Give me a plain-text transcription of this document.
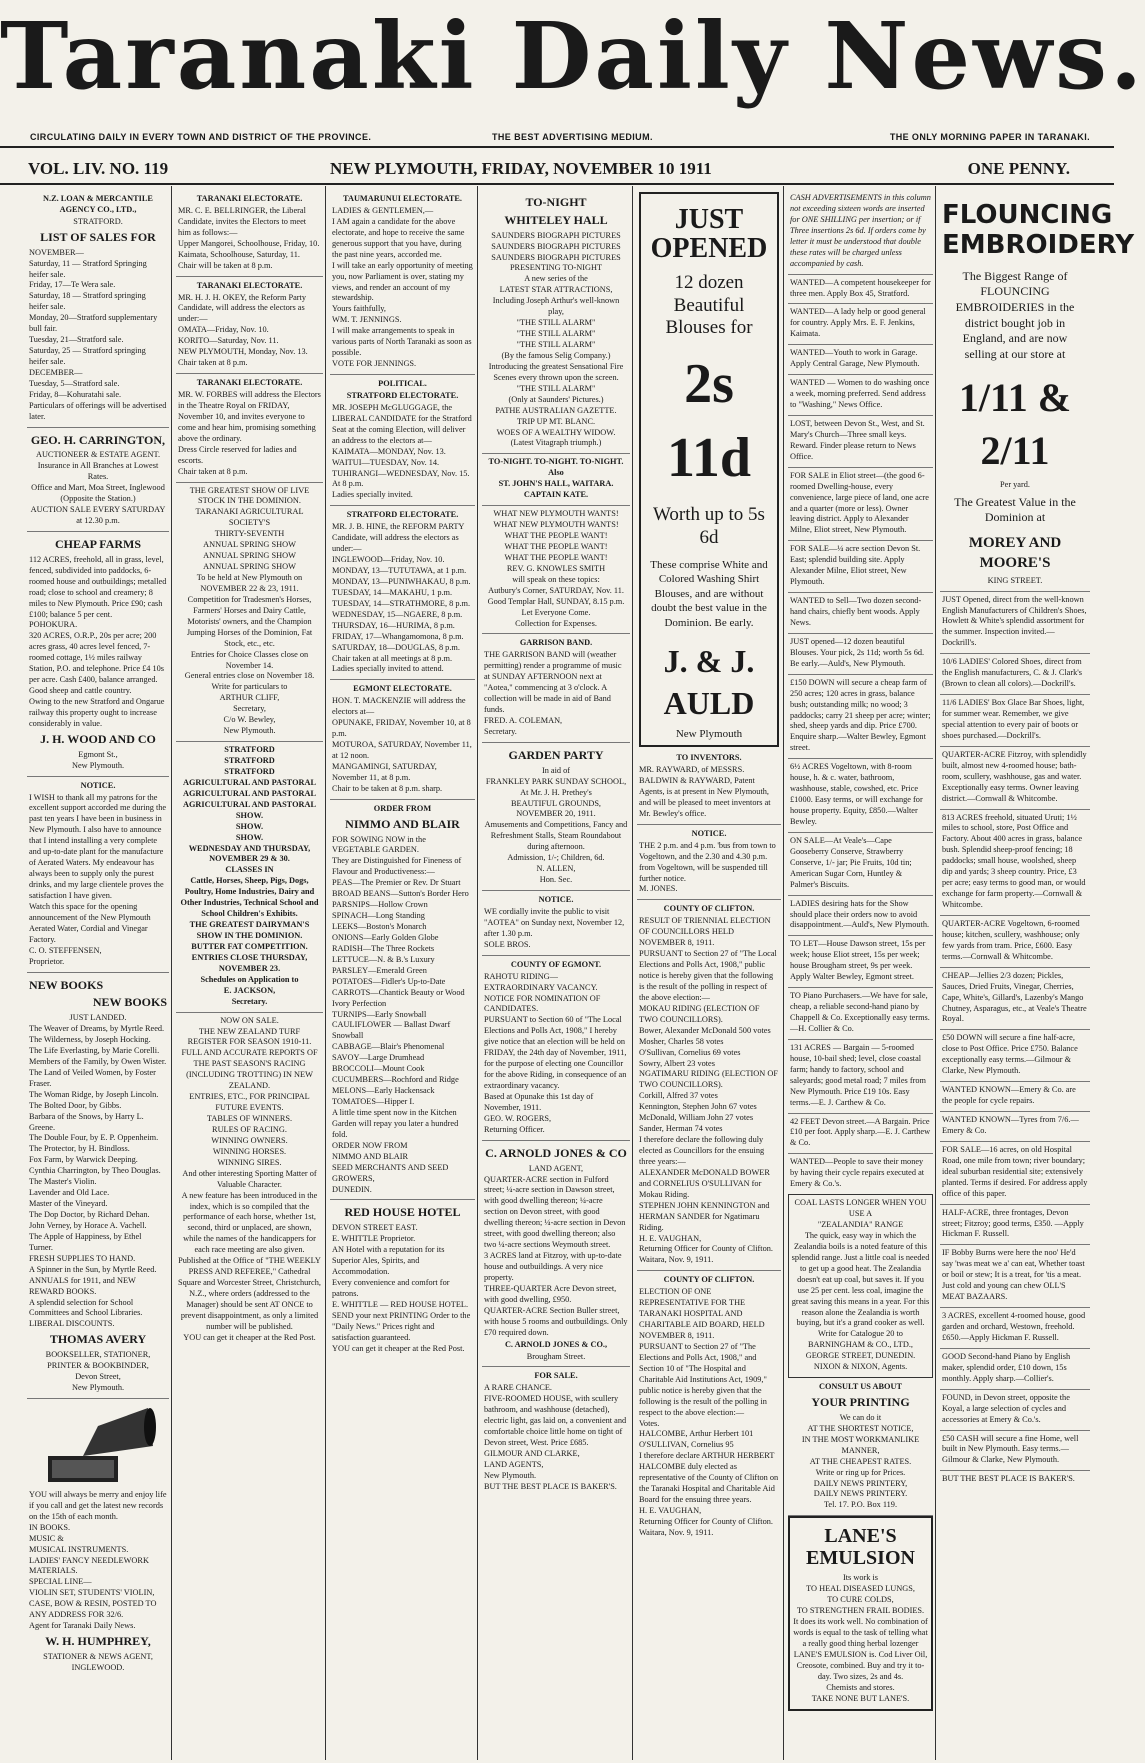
Taranaki Daily News.
CIRCULATING DAILY IN EVERY TOWN AND DISTRICT OF THE PROVINCE.	THE BEST ADVERTISING MEDIUM.	THE ONLY MORNING PAPER IN TARANAKI.
VOL. LIV. NO. 119	NEW PLYMOUTH, FRIDAY, NOVEMBER 10 1911	ONE PENNY.
N.Z. LOAN & MERCANTILE AGENCY CO., LTD.,
STRATFORD.
LIST OF SALES FOR
NOVEMBER—
Saturday, 11 — Stratford Springing heifer sale.
Friday, 17—Te Wera sale.
Saturday, 18 — Stratford springing heifer sale.
Monday, 20—Stratford supplementary bull fair.
Tuesday, 21—Stratford sale.
Saturday, 25 — Stratford springing heifer sale.
DECEMBER—
Tuesday, 5—Stratford sale.
Friday, 8—Kohuratahi sale.
Particulars of offerings will be advertised later.
GEO. H. CARRINGTON,
AUCTIONEER & ESTATE AGENT.
Insurance in All Branches at Lowest Rates.
Office and Mart, Moa Street, Inglewood
(Opposite the Station.)
AUCTION SALE EVERY SATURDAY at 12.30 p.m.
CHEAP FARMS
112 ACRES, freehold, all in grass, level, fenced, subdivided into paddocks, 6-roomed house and outbuildings; metalled road; close to school and creamery; 8 miles to New Plymouth. Price £90; cash £100; balance 5 per cent.
POHOKURA.
320 ACRES, O.R.P., 20s per acre; 200 acres grass, 40 acres level fenced, 7-roomed cottage, 1½ miles railway Station, P.O. and telephone. Price £4 10s per acre. Cash £400, balance arranged. Good sheep and cattle country.
Owing to the new Stratford and Ongarue railway this property ought to increase considerably in value.
J. H. WOOD AND CO
Egmont St.,
New Plymouth.
NOTICE.
I WISH to thank all my patrons for the excellent support accorded me during the past ten years I have been in business in New Plymouth. I also have to announce that I intend installing a very complete and up-to-date plant for the manufacture of Aerated Waters. My endeavour has always been to supply only the purest drinks, and my large clientele proves the satisfaction I have given.
Watch this space for the opening announcement of the New Plymouth Aerated Water, Cordial and Vinegar Factory.
C. O. STEFFENSEN,
Proprietor.
NEW BOOKS
NEW BOOKS
JUST LANDED.
The Weaver of Dreams, by Myrtle Reed.
The Wilderness, by Joseph Hocking.
The Life Everlasting, by Marie Corelli.
Members of the Family, by Owen Wister.
The Land of Veiled Women, by Foster Fraser.
The Woman Ridge, by Joseph Lincoln.
The Bolted Door, by Gibbs.
Barbara of the Snows, by Harry L. Greene.
The Double Four, by E. P. Oppenheim.
The Protector, by H. Bindloss.
Fox Farm, by Warwick Deeping.
Cynthia Charrington, by Theo Douglas.
The Master's Violin.
Lavender and Old Lace.
Master of the Vineyard.
The Dop Doctor, by Richard Dehan.
John Verney, by Horace A. Vachell.
The Apple of Happiness, by Ethel Turner.
FRESH SUPPLIES TO HAND.
A Spinner in the Sun, by Myrtle Reed.
ANNUALS for 1911, and NEW REWARD BOOKS.
A splendid selection for School Committees and School Libraries.
LIBERAL DISCOUNTS.
THOMAS AVERY
BOOKSELLER, STATIONER, PRINTER & BOOKBINDER,
Devon Street,
New Plymouth.
YOU will always be merry and enjoy life if you call and get the latest new records on the 15th of each month.
IN BOOKS.
MUSIC &
MUSICAL INSTRUMENTS.
LADIES' FANCY NEEDLEWORK MATERIALS.
SPECIAL LINE—
VIOLIN SET, STUDENTS' VIOLIN, CASE, BOW & RESIN, POSTED TO ANY ADDRESS FOR 32/6.
Agent for Taranaki Daily News.
W. H. HUMPHREY,
STATIONER & NEWS AGENT, INGLEWOOD.
TARANAKI ELECTORATE.
MR. C. E. BELLRINGER, the Liberal Candidate, invites the Electors to meet him as follows:—
Upper Mangorei, Schoolhouse, Friday, 10.
Kaimata, Schoolhouse, Saturday, 11.
Chair will be taken at 8 p.m.
TARANAKI ELECTORATE.
MR. H. J. H. OKEY, the Reform Party Candidate, will address the electors as under:—
OMATA—Friday, Nov. 10.
KORITO—Saturday, Nov. 11.
NEW PLYMOUTH, Monday, Nov. 13.
Chair taken at 8 p.m.
TARANAKI ELECTORATE.
MR. W. FORBES will address the Electors in the Theatre Royal on FRIDAY, November 10, and invites everyone to come and hear him, promising something above the ordinary.
Dress Circle reserved for ladies and escorts.
Chair taken at 8 p.m.
THE GREATEST SHOW OF LIVE STOCK IN THE DOMINION.
TARANAKI AGRICULTURAL SOCIETY'S
THIRTY-SEVENTH
ANNUAL SPRING SHOW
ANNUAL SPRING SHOW
ANNUAL SPRING SHOW
To be held at New Plymouth on
NOVEMBER 22 & 23, 1911.
Competition for Tradesmen's Horses, Farmers' Horses and Dairy Cattle, Motorists' owners, and the Champion Jumping Horses of the Dominion, Fat Stock, etc., etc.
Entries for Choice Classes close on November 14.
General entries close on November 18.
Write for particulars to
ARTHUR CLIFF,
Secretary,
C/o W. Bewley,
New Plymouth.
STRATFORD
STRATFORD
STRATFORD
AGRICULTURAL AND PASTORAL
AGRICULTURAL AND PASTORAL
AGRICULTURAL AND PASTORAL
SHOW.
SHOW.
SHOW.
WEDNESDAY AND THURSDAY, NOVEMBER 29 & 30.
CLASSES IN
Cattle, Horses, Sheep, Pigs, Dogs, Poultry, Home Industries, Dairy and Other Industries, Technical School and School Children's Exhibits.
THE GREATEST DAIRYMAN'S SHOW IN THE DOMINION.
BUTTER FAT COMPETITION.
ENTRIES CLOSE THURSDAY, NOVEMBER 23.
Schedules on Application to
E. JACKSON,
Secretary.
NOW ON SALE.
THE NEW ZEALAND TURF REGISTER FOR SEASON 1910-11.
FULL AND ACCURATE REPORTS OF THE PAST SEASON'S RACING (INCLUDING TROTTING) IN NEW ZEALAND.
ENTRIES, ETC., FOR PRINCIPAL FUTURE EVENTS.
TABLES OF WINNERS.
RULES OF RACING.
WINNING OWNERS.
WINNING HORSES.
WINNING SIRES.
And other interesting Sporting Matter of Valuable Character.
A new feature has been introduced in the index, which is so compiled that the performance of each horse, whether 1st, second, third or unplaced, are shown, while the names of the handicappers for each race meeting are also given.
Published at the Office of "THE WEEKLY PRESS AND REFEREE," Cathedral Square and Worcester Street, Christchurch, N.Z., where orders (addressed to the Manager) should be sent AT ONCE to prevent disappointment, as only a limited number will be published.
YOU can get it cheaper at the Red Post.
TAUMARUNUI ELECTORATE.
LADIES & GENTLEMEN,—
I AM again a candidate for the above electorate, and hope to receive the same generous support that you have, during the past nine years, accorded me.
I will take an early opportunity of meeting you, now Parliament is over, stating my views, and render an account of my stewardship.
Yours faithfully,
WM. T. JENNINGS.
I will make arrangements to speak in various parts of North Taranaki as soon as possible.
VOTE FOR JENNINGS.
POLITICAL.
STRATFORD ELECTORATE.
MR. JOSEPH McGLUGGAGE, the LIBERAL CANDIDATE for the Stratford Seat at the coming Election, will deliver an address to the electors at—
KAIMATA—MONDAY, Nov. 13.
WAITUI—TUESDAY, Nov. 14.
TUHIRANGI—WEDNESDAY, Nov. 15.
At 8 p.m.
Ladies specially invited.
STRATFORD ELECTORATE.
MR. J. B. HINE, the REFORM PARTY Candidate, will address the electors as under:—
INGLEWOOD—Friday, Nov. 10.
MONDAY, 13—TUTUTAWA, at 1 p.m.
MONDAY, 13—PUNIWHAKAU, 8 p.m.
TUESDAY, 14—MAKAHU, 1 p.m.
TUESDAY, 14—STRATHMORE, 8 p.m.
WEDNESDAY, 15—NGAERE, 8 p.m.
THURSDAY, 16—HURIMA, 8 p.m.
FRIDAY, 17—Whangamomona, 8 p.m.
SATURDAY, 18—DOUGLAS, 8 p.m.
Chair taken at all meetings at 8 p.m.
Ladies specially invited to attend.
EGMONT ELECTORATE.
HON. T. MACKENZIE will address the electors at—
OPUNAKE, FRIDAY, November 10, at 8 p.m.
MOTUROA, SATURDAY, November 11, at 12 noon.
MANGAMINGI, SATURDAY, November 11, at 8 p.m.
Chair to be taken at 8 p.m. sharp.
ORDER FROM
NIMMO AND BLAIR
FOR SOWING NOW in the VEGETABLE GARDEN.
They are Distinguished for Fineness of Flavour and Productiveness:—
PEAS—The Premier or Rev. Dr Stuart
BROAD BEANS—Sutton's Border Hero
PARSNIPS—Hollow Crown
SPINACH—Long Standing
LEEKS—Boston's Monarch
ONIONS—Early Golden Globe
RADISH—The Three Rockets
LETTUCE—N. & B.'s Luxury
PARSLEY—Emerald Green
POTATOES—Fidler's Up-to-Date
CARROTS—Chantick Beauty or Wood Ivory Perfection
TURNIPS—Early Snowball
CAULIFLOWER — Ballast Dwarf Snowball
CABBAGE—Blair's Phenomenal
SAVOY—Large Drumhead
BROCCOLI—Mount Cook
CUCUMBERS—Rochford and Ridge
MELONS—Early Hackensack
TOMATOES—Hipper I.
A little time spent now in the Kitchen Garden will repay you later a hundred fold.
ORDER NOW FROM
NIMMO AND BLAIR
SEED MERCHANTS AND SEED GROWERS,
DUNEDIN.
RED HOUSE HOTEL
DEVON STREET EAST.
E. WHITTLE Proprietor.
AN Hotel with a reputation for its Superior Ales, Spirits, and Accommodation.
Every convenience and comfort for patrons.
E. WHITTLE — RED HOUSE HOTEL.
SEND your next PRINTING Order to the "Daily News." Prices right and satisfaction guaranteed.
YOU can get it cheaper at the Red Post.
TO-NIGHT
WHITELEY HALL
SAUNDERS BIOGRAPH PICTURES
SAUNDERS BIOGRAPH PICTURES
SAUNDERS BIOGRAPH PICTURES
PRESENTING TO-NIGHT
A new series of the
LATEST STAR ATTRACTIONS,
Including Joseph Arthur's well-known play,
"THE STILL ALARM"
"THE STILL ALARM"
"THE STILL ALARM"
(By the famous Selig Company.)
Introducing the greatest Sensational Fire Scenes every thrown upon the screen.
"THE STILL ALARM"
(Only at Saunders' Pictures.)
PATHE AUSTRALIAN GAZETTE.
TRIP UP MT. BLANC.
WOES OF A WEALTHY WIDOW.
(Latest Vitagraph triumph.)
TO-NIGHT. TO-NIGHT. TO-NIGHT.
Also
ST. JOHN'S HALL, WAITARA.
CAPTAIN KATE.
WHAT NEW PLYMOUTH WANTS!
WHAT NEW PLYMOUTH WANTS!
WHAT THE PEOPLE WANT!
WHAT THE PEOPLE WANT!
WHAT THE PEOPLE WANT!
REV. G. KNOWLES SMITH
will speak on these topics:
Autbury's Corner, SATURDAY, Nov. 11.
Good Templar Hall, SUNDAY, 8.15 p.m.
Let Everyone Come.
Collection for Expenses.
GARRISON BAND.
THE GARRISON BAND will (weather permitting) render a programme of music at SUNDAY AFTERNOON next at "Aotea," commencing at 3 o'clock. A collection will be made in aid of Band funds.
FRED. A. COLEMAN,
Secretary.
GARDEN PARTY
In aid of
FRANKLEY PARK SUNDAY SCHOOL,
At Mr. J. H. Prethey's
BEAUTIFUL GROUNDS,
NOVEMBER 20, 1911.
Amusements and Competitions, Fancy and Refreshment Stalls, Steam Roundabout during afternoon.
Admission, 1/-; Children, 6d.
N. ALLEN,
Hon. Sec.
NOTICE.
WE cordially invite the public to visit "AOTEA" on Sunday next, November 12, after 1.30 p.m.
SOLE BROS.
COUNTY OF EGMONT.
RAHOTU RIDING—EXTRAORDINARY VACANCY.
NOTICE FOR NOMINATION OF CANDIDATES.
PURSUANT to Section 60 of "The Local Elections and Polls Act, 1908," I hereby give notice that an election will be held on FRIDAY, the 24th day of November, 1911, for the purpose of electing one Councillor for the above Riding, in consequence of an extraordinary vacancy.
Based at Opunake this 1st day of November, 1911.
GEO. W. ROGERS,
Returning Officer.
C. ARNOLD JONES & CO
LAND AGENT,
QUARTER-ACRE section in Fulford street; ¼-acre section in Dawson street, with good dwelling thereon; ¼-acre section on Devon street, with good dwelling thereon; ¼-acre section in Devon street, with good dwelling thereon; also two ¼-acre sections Weymouth street.
3 ACRES land at Fitzroy, with up-to-date house and outbuildings. A very nice property.
THREE-QUARTER Acre Devon street, with good dwelling, £950.
QUARTER-ACRE Section Buller street, with house 5 rooms and outbuildings. Only £70 required down.
C. ARNOLD JONES & CO.,
Brougham Street.
FOR SALE.
A RARE CHANCE.
FIVE-ROOMED HOUSE, with scullery bathroom, and washhouse (detached), electric light, gas laid on, a convenient and comfortable choice little home on tight of Devon street, West. Price £685.
GILMOUR AND CLARKE,
LAND AGENTS,
New Plymouth.
BUT THE BEST PLACE IS BAKER'S.
JUST OPENED
12 dozen Beautiful Blouses for
2s 11d
Worth up to 5s 6d
These comprise White and Colored Washing Shirt Blouses, and are without doubt the best value in the Dominion. Be early.
J. & J. AULD
New Plymouth
TO INVENTORS.
MR. RAYWARD, of MESSRS. BALDWIN & RAYWARD, Patent Agents, is at present in New Plymouth, and will be pleased to meet inventors at Mr. Bewley's office.
NOTICE.
THE 2 p.m. and 4 p.m. 'bus from town to Vogeltown, and the 2.30 and 4.30 p.m. from Vogeltown, will be suspended till further notice.
M. JONES.
COUNTY OF CLIFTON.
RESULT OF TRIENNIAL ELECTION OF COUNCILLORS HELD NOVEMBER 8, 1911.
PURSUANT to Section 27 of "The Local Elections and Polls Act, 1908," public notice is hereby given that the following is the result of the polling in respect of the above election:—
MOKAU RIDING (ELECTION OF TWO COUNCILLORS).
Bower, Alexander McDonald 500 votes
Mosher, Charles 58 votes
O'Sullivan, Cornelius 69 votes
Sowry, Albert 23 votes
NGATIMARU RIDING (ELECTION OF TWO COUNCILLORS).
Corkill, Alfred 37 votes
Kennington, Stephen John 67 votes
McDonald, William John 27 votes
Sander, Herman 74 votes
I therefore declare the following duly elected as Councillors for the ensuing three years:—
ALEXANDER McDONALD BOWER and CORNELIUS O'SULLIVAN for Mokau Riding.
STEPHEN JOHN KENNINGTON and HERMAN SANDER for Ngatimaru Riding.
H. E. VAUGHAN,
Returning Officer for County of Clifton.
Waitara, Nov. 9, 1911.
COUNTY OF CLIFTON.
ELECTION OF ONE REPRESENTATIVE FOR THE TARANAKI HOSPITAL AND CHARITABLE AID BOARD, HELD NOVEMBER 8, 1911.
PURSUANT to Section 27 of "The Elections and Polls Act, 1908," and Section 10 of "The Hospital and Charitable Aid Institutions Act, 1909," public notice is hereby given that the following is the result of the polling in respect to the above election:—
Votes.
HALCOMBE, Arthur Herbert 101
O'SULLIVAN, Cornelius 95
I therefore declare ARTHUR HERBERT HALCOMBE duly elected as representative of the County of Clifton on the Taranaki Hospital and Charitable Aid Board for the ensuing three years.
H. E. VAUGHAN,
Returning Officer for County of Clifton.
Waitara, Nov. 9, 1911.
CASH ADVERTISEMENTS in this column not exceeding sixteen words are inserted for ONE SHILLING per insertion; or if Three insertions 2s 6d. If orders come by letter it must be understood that double these rates will be charged unless accompanied by cash.
WANTED—A competent housekeeper for three men. Apply Box 45, Stratford.
WANTED—A lady help or good general for country. Apply Mrs. E. F. Jenkins, Kaimata.
WANTED—Youth to work in Garage. Apply Central Garage, New Plymouth.
WANTED — Women to do washing once a week, morning preferred. Send address to "Washing," News Office.
LOST, between Devon St., West, and St. Mary's Church—Three small keys. Reward. Finder please return to News Office.
FOR SALE in Eliot street—(the good 6-roomed Dwelling-house, every convenience, large piece of land, one acre and a quarter (more or less). Owner leaving district. Apply to Alexander Milne, Eliot street, New Plymouth.
FOR SALE—¼ acre section Devon St. East; splendid building site. Apply Alexander Milne, Eliot street, New Plymouth.
WANTED to Sell—Two dozen second-hand chairs, chiefly bent woods. Apply News.
JUST opened—12 dozen beautiful Blouses. Your pick, 2s 11d; worth 5s 6d. Be early.—Auld's, New Plymouth.
£150 DOWN will secure a cheap farm of 250 acres; 120 acres in grass, balance bush; outstanding milk; no wood; 3 paddocks; carry 21 sheep per acre; winter; shed, sheep yards and dip. Price £700. Enquire sharp.—Walter Bewley, Egmont street.
6½ ACRES Vogeltown, with 8-room house, h. & c. water, bathroom, washhouse, stable, cowshed, etc. Price £1000. Easy terms, or will exchange for house property. Equity, £850.—Walter Bewley.
ON SALE—At Veale's—Cape Gooseberry Conserve, Strawberry Conserve, 1/- jar; Pie Fruits, 10d tin; American Sugar Corn, Huntley & Palmer's Biscuits.
LADIES desiring hats for the Show should place their orders now to avoid disappointment.—Auld's, New Plymouth.
TO LET—House Dawson street, 15s per week; house Eliot street, 15s per week; house Brougham street, 9s per week. Apply Walter Bewley, Egmont street.
TO Piano Purchasers.—We have for sale, cheap, a reliable second-hand piano by Chappell & Co. Exceptionally easy terms.—H. Collier & Co.
131 ACRES — Bargain — 5-roomed house, 10-bail shed; level, close coastal farm; handy to factory, school and saleyards; good metal road; 7 miles from New Plymouth. Price £19 10s. Easy terms.—E. J. Carthew & Co.
42 FEET Devon street.—A Bargain. Price £10 per foot. Apply sharp.—E. J. Carthew & Co.
WANTED—People to save their money by having their cycle repairs executed at Emery & Co.'s.
COAL LASTS LONGER WHEN YOU USE A
"ZEALANDIA" RANGE
The quick, easy way in which the Zealandia boils is a noted feature of this splendid range. Just a little coal is needed to get up a good heat. The Zealandia doesn't eat up coal, but saves it. If you use 25 per cent. less coal, imagine the great saving this means in a year. For this reason alone the Zealandia is worth buying, but it's a grand cooker as well.
Write for Catalogue 20 to
BARNINGHAM & CO., LTD.,
GEORGE STREET, DUNEDIN.
NIXON & NIXON, Agents.
CONSULT US ABOUT
YOUR PRINTING
We can do it
AT THE SHORTEST NOTICE,
IN THE MOST WORKMANLIKE MANNER,
AT THE CHEAPEST RATES.
Write or ring up for Prices.
DAILY NEWS PRINTERY,
DAILY NEWS PRINTERY.
Tel. 17. P.O. Box 119.
LANE'S EMULSION
Its work is
TO HEAL DISEASED LUNGS,
TO CURE COLDS,
TO STRENGTHEN FRAIL BODIES.
It does its work well. No combination of words is equal to the task of telling what a really good thing herbal lozenger LANE'S EMULSION is. Cod Liver Oil, Creosote, combined. Buy and try it to-day. Two sizes, 2s and 4s.
Chemists and stores.
TAKE NONE BUT LANE'S.
FLOUNCING EMBROIDERY
The Biggest Range of FLOUNCING EMBROIDERIES in the district bought job in England, and are now selling at our store at
1/11 & 2/11
Per yard.
The Greatest Value in the Dominion at
MOREY AND MOORE'S
KING STREET.
JUST Opened, direct from the well-known English Manufacturers of Children's Shoes, Howlett & White's splendid assortment for the summer. Inspection invited.—Dockrill's.
10/6 LADIES' Colored Shoes, direct from the English manufacturers, C. & J. Clark's (Brown to clean all colors).—Dockrill's.
11/6 LADIES' Box Glace Bar Shoes, light, for summer wear. Remember, we give special attention to every pair of boots or shoes purchased.—Dockrill's.
QUARTER-ACRE Fitzroy, with splendidly built, almost new 4-roomed house; bath-room, scullery, washhouse, gas and water. Exceptionally easy terms. Owner leaving district.—Cornwall & Whitcombe.
813 ACRES freehold, situated Uruti; 1½ miles to school, store, Post Office and Factory. About 400 acres in grass, balance bush. Splendid sheep-proof fencing; 18 paddocks; small house, woolshed, sheep dip and yards; 3 sheep country. Price, £3 per acre; easy terms to good man, or would exchange for farm property.—Cornwall & Whitcombe.
QUARTER-ACRE Vogeltown, 6-roomed house; kitchen, scullery, washhouse; only few yards from tram. Price, £600. Easy terms.—Cornwall & Whitcombe.
CHEAP—Jellies 2/3 dozen; Pickles, Sauces, Dried Fruits, Vinegar, Cherries, Cape, White's, Gillard's, Lazenby's Mango Chutney, Asparagus, etc., at Veale's Theatre Royal.
£50 DOWN will secure a fine half-acre, close to Post Office. Price £750. Balance exceptionally easy terms.—Gilmour & Clarke, New Plymouth.
WANTED KNOWN—Emery & Co. are the people for cycle repairs.
WANTED KNOWN—Tyres from 7/6.—Emery & Co.
FOR SALE—16 acres, on old Hospital Road, one mile from town; river boundary; ideal suburban residential site; extensively planted. Terms if desired. For address apply office of this paper.
HALF-ACRE, three frontages, Devon street; Fitzroy; good terms, £350. —Apply Hickman F. Russell.
IF Bobby Burns were here the noo' He'd say 'twas meat we a' can eat, Whether toast or boil or stew; It is a treat, for 'tis a meat. Just cold and young can chew OLL'S MEAT BAZAARS.
3 ACRES, excellent 4-roomed house, good garden and orchard, Westown, freehold. £650.—Apply Hickman F. Russell.
GOOD Second-hand Piano by English maker, splendid order, £10 down, 15s monthly. Apply sharp.—Collier's.
FOUND, in Devon street, opposite the Koyal, a large selection of cycles and accessories at Emery & Co.'s.
£50 CASH will secure a fine Home, well built in New Plymouth. Easy terms.—Gilmour & Clarke, New Plymouth.
BUT THE BEST PLACE IS BAKER'S.
